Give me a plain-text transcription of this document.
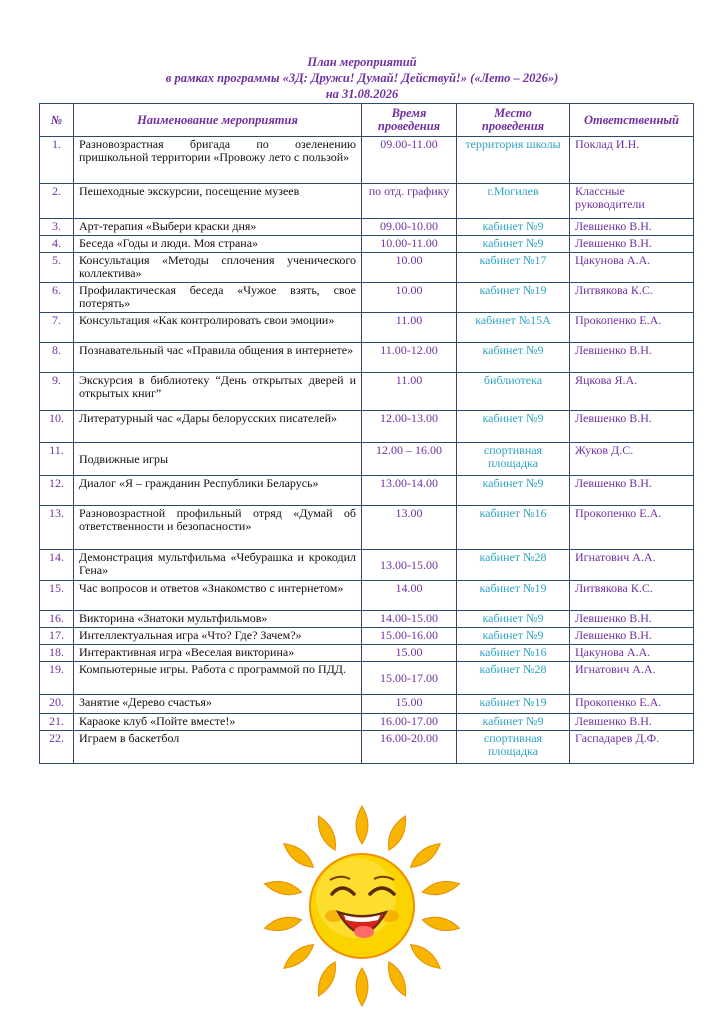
План мероприятий
в рамках программы «3Д: Дружи! Думай! Действуй!» («Лето – 2026»)
на 31.08.2026
№	Наименование мероприятия	Время проведения	Место проведения	Ответственный
1.	Разновозрастная бригада по озеленению пришкольной территории «Провожу лето с пользой»	09.00-11.00	территория школы	Поклад И.Н.
2.	Пешеходные экскурсии, посещение музеев	по отд. графику	г.Могилев	Классные руководители
3.	Арт-терапия «Выбери краски дня»	09.00-10.00	кабинет №9	Левшенко В.Н.
4.	Беседа «Годы и люди. Моя страна»	10.00-11.00	кабинет №9	Левшенко В.Н.
5.	Консультация «Методы сплочения ученического коллектива»	10.00	кабинет №17	Цакунова А.А.
6.	Профилактическая беседа «Чужое взять, свое потерять»	10.00	кабинет №19	Литвякова К.С.
7.	Консультация «Как контролировать свои эмоции»	11.00	кабинет №15А	Прокопенко Е.А.
8.	Познавательный час «Правила общения в интернете»	11.00-12.00	кабинет №9	Левшенко В.Н.
9.	Экскурсия в библиотеку “День открытых дверей и открытых книг”	11.00	библиотека	Яцкова Я.А.
10.	Литературный час «Дары белорусских писателей»	12.00-13.00	кабинет №9	Левшенко В.Н.
11.	Подвижные игры	12.00 – 16.00	спортивная площадка	Жуков Д.С.
12.	Диалог «Я – гражданин Республики Беларусь»	13.00-14.00	кабинет №9	Левшенко В.Н.
13.	Разновозрастной профильный отряд «Думай об ответственности и безопасности»	13.00	кабинет №16	Прокопенко Е.А.
14.	Демонстрация мультфильма «Чебурашка и крокодил Гена»	13.00-15.00	кабинет №28	Игнатович А.А.
15.	Час вопросов и ответов «Знакомство с интернетом»	14.00	кабинет №19	Литвякова К.С.
16.	Викторина «Знатоки мультфильмов»	14.00-15.00	кабинет №9	Левшенко В.Н.
17.	Интеллектуальная игра «Что? Где? Зачем?»	15.00-16.00	кабинет №9	Левшенко В.Н.
18.	Интерактивная игра «Веселая викторина»	15.00	кабинет №16	Цакунова А.А.
19.	Компьютерные игры. Работа с программой по ПДД.	15.00-17.00	кабинет №28	Игнатович А.А.
20.	Занятие «Дерево счастья»	15.00	кабинет №19	Прокопенко Е.А.
21.	Караоке клуб «Пойте вместе!»	16.00-17.00	кабинет №9	Левшенко В.Н.
22.	Играем в баскетбол	16.00-20.00	спортивная площадка	Гаспадарев Д.Ф.
